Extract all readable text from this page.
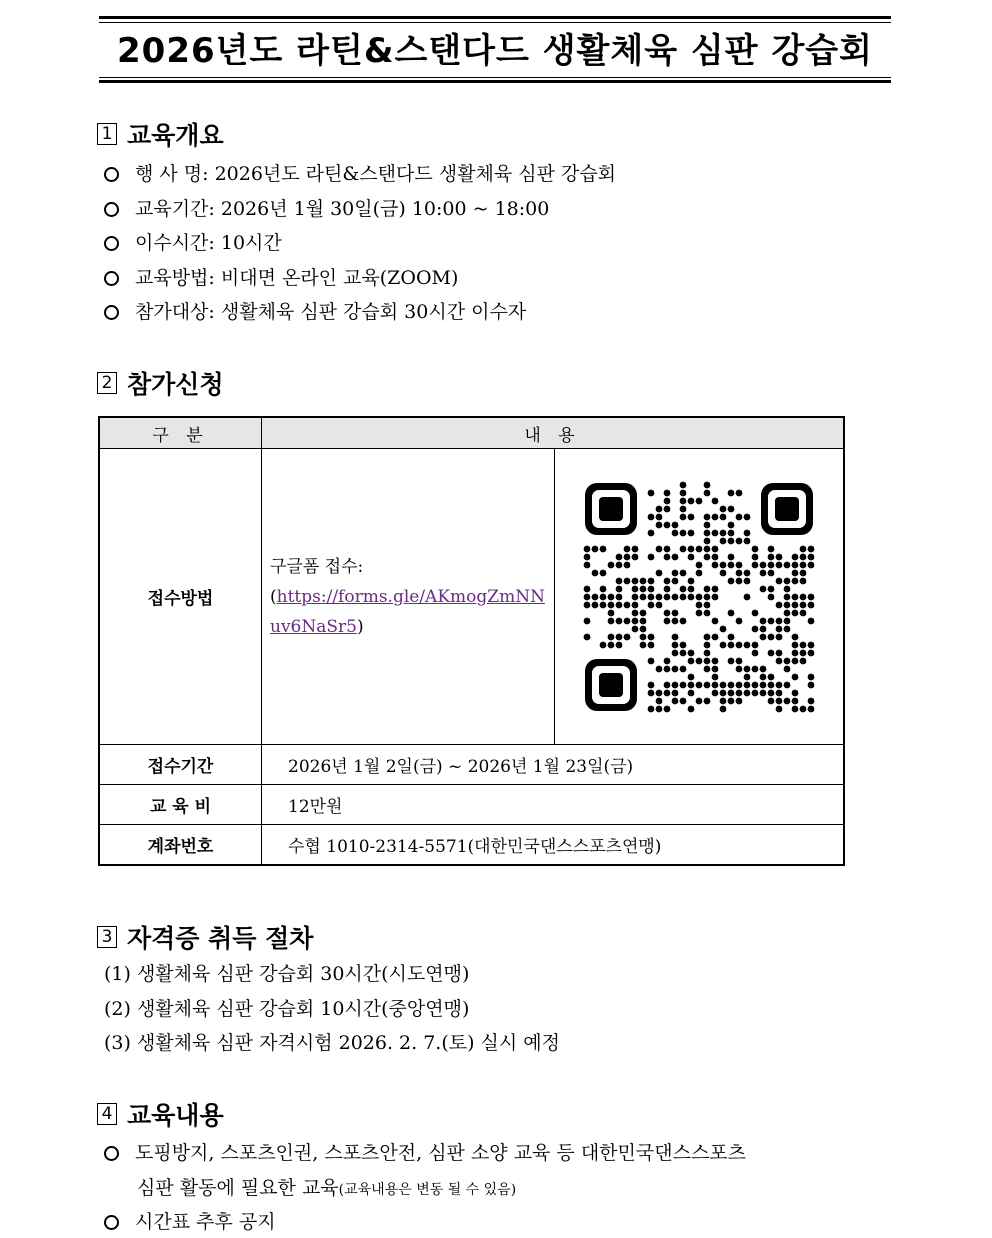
2026년도 라틴&스탠다드 생활체육 심판 강습회
1 교육개요
행 사 명: 2026년도 라틴&스탠다드 생활체육 심판 강습회
교육기간: 2026년 1월 30일(금) 10:00 ~ 18:00
이수시간: 10시간
교육방법: 비대면 온라인 교육(ZOOM)
참가대상: 생활체육 심판 강습회 30시간 이수자
2 참가신청
구 분	내 용	
접수방법	구글폼 접수:
(https://forms.gle/AKmogZmNNuv6NaSr5)

접수기간	2026년 1월 2일(금) ~ 2026년 1월 23일(금)	
교 육 비	12만원	
계좌번호	수협 1010-2314-5571(대한민국댄스스포츠연맹)	
3 자격증 취득 절차
(1) 생활체육 심판 강습회 30시간(시도연맹)
(2) 생활체육 심판 강습회 10시간(중앙연맹)
(3) 생활체육 심판 자격시험 2026. 2. 7.(토) 실시 예정
4 교육내용
도핑방지, 스포츠인권, 스포츠안전, 심판 소양 교육 등 대한민국댄스스포츠
심판 활동에 필요한 교육(교육내용은 변동 될 수 있음)
시간표 추후 공지
